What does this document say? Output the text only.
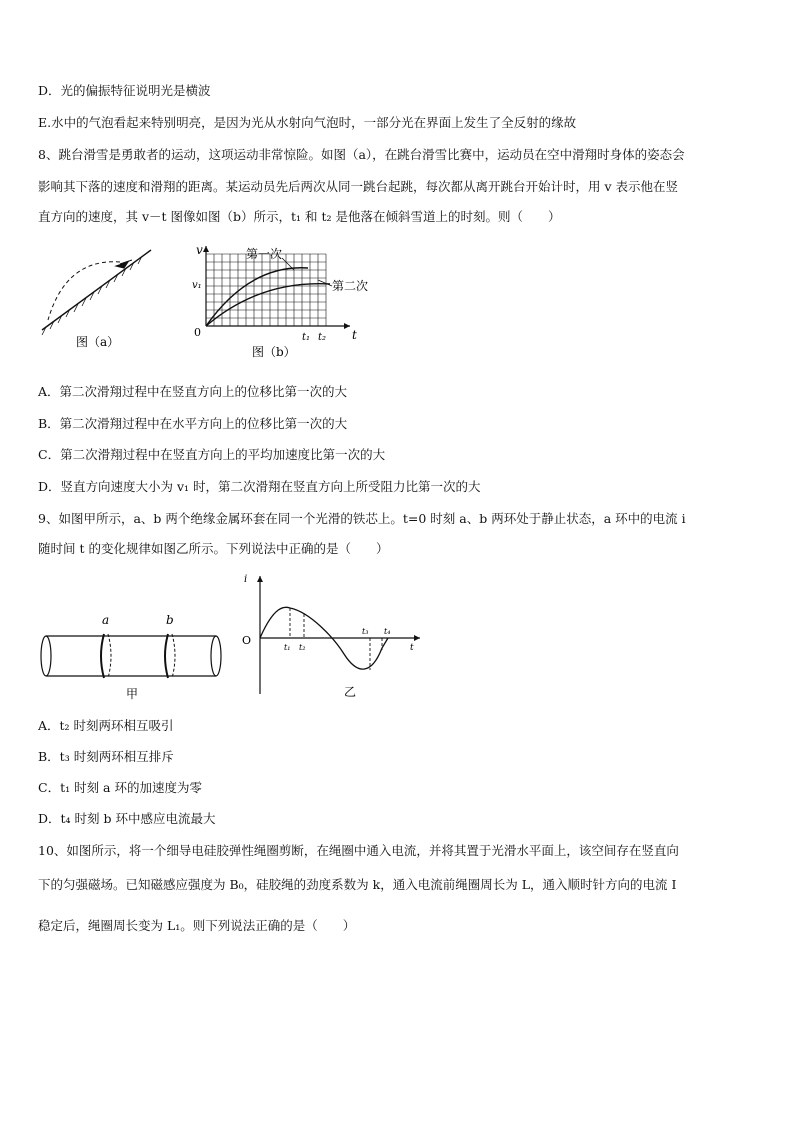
D．光的偏振特征说明光是横波
E.水中的气泡看起来特别明亮，是因为光从水射向气泡时，一部分光在界面上发生了全反射的缘故
8、跳台滑雪是勇敢者的运动，这项运动非常惊险。如图（a），在跳台滑雪比赛中，运动员在空中滑翔时身体的姿态会
影响其下落的速度和滑翔的距离。某运动员先后两次从同一跳台起跳，每次都从离开跳台开始计时，用 v 表示他在竖
直方向的速度，其 v－t 图像如图（b）所示，t₁ 和 t₂ 是他落在倾斜雪道上的时刻。则（　　）
图（a）
v
t
v₁
0	t₁ t₂
第一次
第二次
图（b）
A．第二次滑翔过程中在竖直方向上的位移比第一次的大
B．第二次滑翔过程中在水平方向上的位移比第一次的大
C．第二次滑翔过程中在竖直方向上的平均加速度比第一次的大
D．竖直方向速度大小为 v₁ 时，第二次滑翔在竖直方向上所受阻力比第一次的大
9、如图甲所示，a、b 两个绝缘金属环套在同一个光滑的铁芯上。t=0 时刻 a、b 两环处于静止状态，a 环中的电流 i
随时间 t 的变化规律如图乙所示。下列说法中正确的是（　　）
a	b
甲
i
t
O
t₁ t₂
t₃ t₄
乙
A．t₂ 时刻两环相互吸引
B．t₃ 时刻两环相互排斥
C．t₁ 时刻 a 环的加速度为零
D．t₄ 时刻 b 环中感应电流最大
10、如图所示，将一个细导电硅胶弹性绳圈剪断，在绳圈中通入电流，并将其置于光滑水平面上，该空间存在竖直向
下的匀强磁场。已知磁感应强度为 B₀，硅胶绳的劲度系数为 k，通入电流前绳圈周长为 L，通入顺时针方向的电流 I
稳定后，绳圈周长变为 L₁。则下列说法正确的是（　　）
